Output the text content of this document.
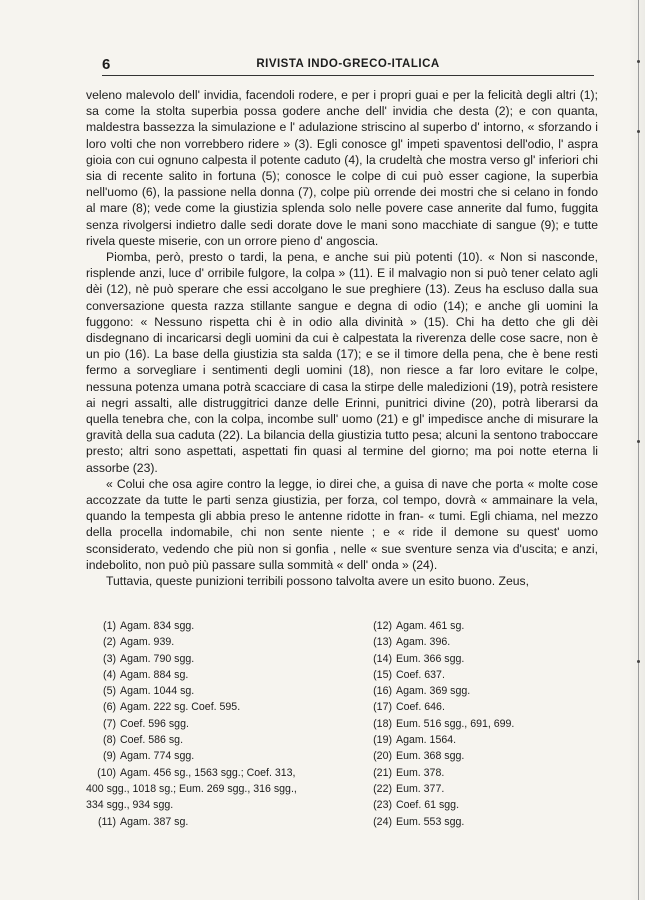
6	RIVISTA INDO-GRECO-ITALICA

veleno malevolo dell' invidia, facendoli rodere, e per i propri guai e per la felicità degli altri (1); sa come la stolta superbia possa godere anche dell' invidia che desta (2); e con quanta, maldestra bassezza la simulazione e l' adulazione striscino al superbo d' intorno, « sforzando i loro volti che non vorrebbero ridere » (3). Egli conosce gl' impeti spaventosi dell'odio, l' aspra gioia con cui ognuno calpesta il potente caduto (4), la crudeltà che mostra verso gl' inferiori chi sia di recente salito in fortuna (5); conosce le colpe di cui può esser cagione, la superbia nell'uomo (6), la passione nella donna (7), colpe più orrende dei mostri che si celano in fondo al mare (8); vede come la giustizia splenda solo nelle povere case annerite dal fumo, fuggita senza rivolgersi indietro dalle sedi dorate dove le mani sono macchiate di sangue (9); e tutte rivela queste miserie, con un orrore pieno d' angoscia.

Piomba, però, presto o tardi, la pena, e anche sui più potenti (10). « Non si nasconde, risplende anzi, luce d' orribile fulgore, la colpa » (11). E il malvagio non si può tener celato agli dèi (12), nè può sperare che essi accolgano le sue preghiere (13). Zeus ha escluso dalla sua conversazione questa razza stillante sangue e degna di odio (14); e anche gli uomini la fuggono: « Nessuno rispetta chi è in odio alla divinità » (15). Chi ha detto che gli dèi disdegnano di incaricarsi degli uomini da cui è calpestata la riverenza delle cose sacre, non è un pio (16). La base della giustizia sta salda (17); e se il timore della pena, che è bene resti fermo a sorvegliare i sentimenti degli uomini (18), non riesce a far loro evitare le colpe, nessuna potenza umana potrà scacciare di casa la stirpe delle maledizioni (19), potrà resistere ai negri assalti, alle distruggitrici danze delle Erinni, punitrici divine (20), potrà liberarsi da quella tenebra che, con la colpa, incombe sull' uomo (21) e gl' impedisce anche di misurare la gravità della sua caduta (22). La bilancia della giustizia tutto pesa; alcuni la sentono traboccare presto; altri sono aspettati, aspettati fin quasi al termine del giorno; ma poi notte eterna li assorbe (23).

« Colui che osa agire contro la legge, io direi che, a guisa di nave che porta « molte cose accozzate da tutte le parti senza giustizia, per forza, col tempo, dovrà « ammainare la vela, quando la tempesta gli abbia preso le antenne ridotte in fran- « tumi. Egli chiama, nel mezzo della procella indomabile, chi non sente niente ; e « ride il demone su quest' uomo sconsiderato, vedendo che più non si gonfia , nelle « sue sventure senza via d'uscita; e anzi, indebolito, non può più passare sulla sommità « dell' onda » (24).

Tuttavia, queste punizioni terribili possono talvolta avere un esito buono. Zeus,

(1) Agam. 834 sgg.

(2) Agam. 939.

(3) Agam. 790 sgg.

(4) Agam. 884 sg.

(5) Agam. 1044 sg.

(6) Agam. 222 sg. Coef. 595.

(7) Coef. 596 sgg.

(8) Coef. 586 sg.

(9) Agam. 774 sgg.

(10) Agam. 456 sg., 1563 sgg.; Coef. 313,

400 sgg., 1018 sg.; Eum. 269 sgg., 316 sgg.,

334 sgg., 934 sgg.

(11) Agam. 387 sg.

(12) Agam. 461 sg.

(13) Agam. 396.

(14) Eum. 366 sgg.

(15) Coef. 637.

(16) Agam. 369 sgg.

(17) Coef. 646.

(18) Eum. 516 sgg., 691, 699.

(19) Agam. 1564.

(20) Eum. 368 sgg.

(21) Eum. 378.

(22) Eum. 377.

(23) Coef. 61 sgg.

(24) Eum. 553 sgg.
